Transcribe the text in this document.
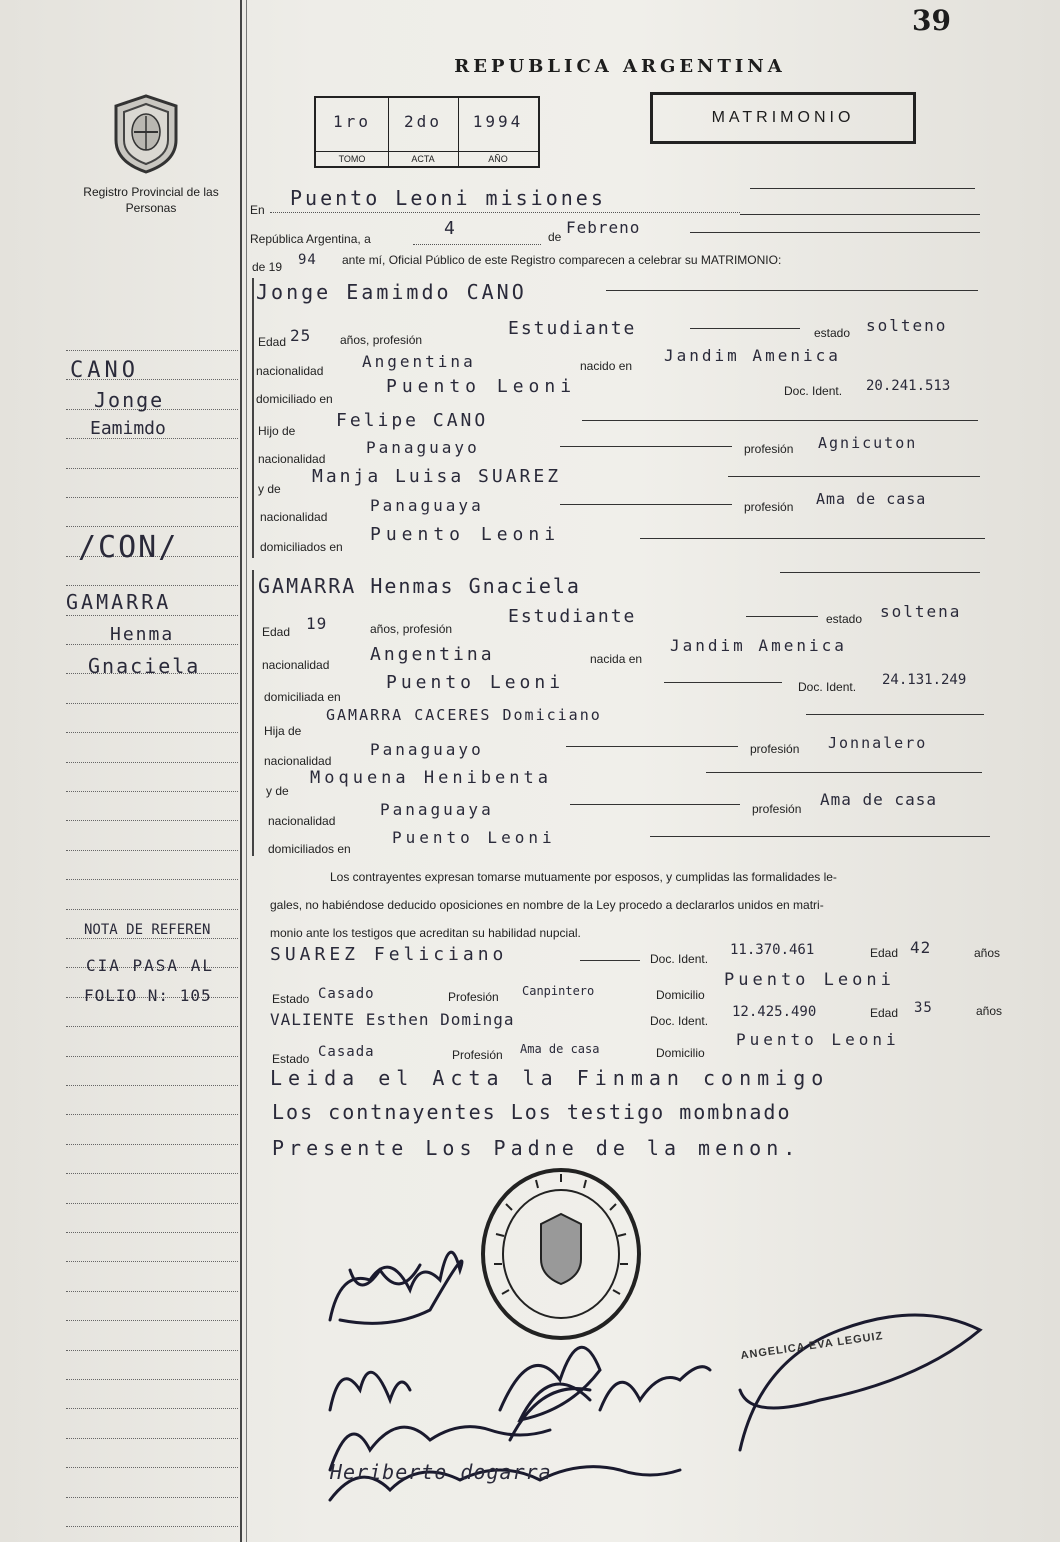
39
REPUBLICA ARGENTINA
Registro Provincial de las Personas
1ro
TOMO
2do
ACTA
1994
AÑO
MATRIMONIO
En Puento Leoni misiones
República Argentina, a	4	de Febreno
de 19 94 ante mí, Oficial Público de este Registro comparecen a celebrar su MATRIMONIO:
Jonge Eamimdo CANO
Edad 25 años, profesión
Estudiante	estado solteno
nacionalidad Angentina	nacido en
Jandim Amenica
domiciliado en
Puento Leoni	Doc. Ident. 20.241.513
Hijo de Felipe CANO
nacionalidad
Panaguayo	profesión Agnicuton
y de
Manja Luisa SUAREZ
nacionalidad
Panaguaya	profesión Ama de casa
domiciliados en
Puento Leoni
GAMARRA Henmas Gnaciela
Edad 19	años, profesión
Estudiante	estado soltena
nacionalidad Angentina	nacida en
Jandim Amenica
domiciliada en
Puento Leoni	Doc. Ident. 24.131.249
Hija de
GAMARRA CACERES Domiciano
nacionalidad
Panaguayo	profesión Jonnalero
y de
Moquena Henibenta
nacionalidad
Panaguaya	profesión Ama de casa
domiciliados en
Puento Leoni
Los contrayentes expresan tomarse mutuamente por esposos, y cumplidas las formalidades le-
gales, no habiéndose deducido oposiciones en nombre de la Ley procedo a declararlos unidos en matri-
monio ante los testigos que acreditan su habilidad nupcial.
SUAREZ Feliciano	Doc. Ident.
11.370.461	Edad 42	años
Estado Casado	Profesión Canpintero	Domicilio
Puento Leoni
VALIENTE Esthen Dominga	Doc. Ident.
12.425.490	Edad 35	años
Estado Casada	Profesión Ama de casa	Domicilio
Puento Leoni
Leida el Acta la Finman conmigo
Los contnayentes Los testigo mombnado
Presente Los Padne de la menon.
ANGELICA EVA LEGUIZ
Heriberto dogarra
CANO
Jonge
Eamimdo
/CON/
GAMARRA
Henma
Gnaciela
NOTA DE REFEREN
CIA PASA AL
FOLIO N: 105
